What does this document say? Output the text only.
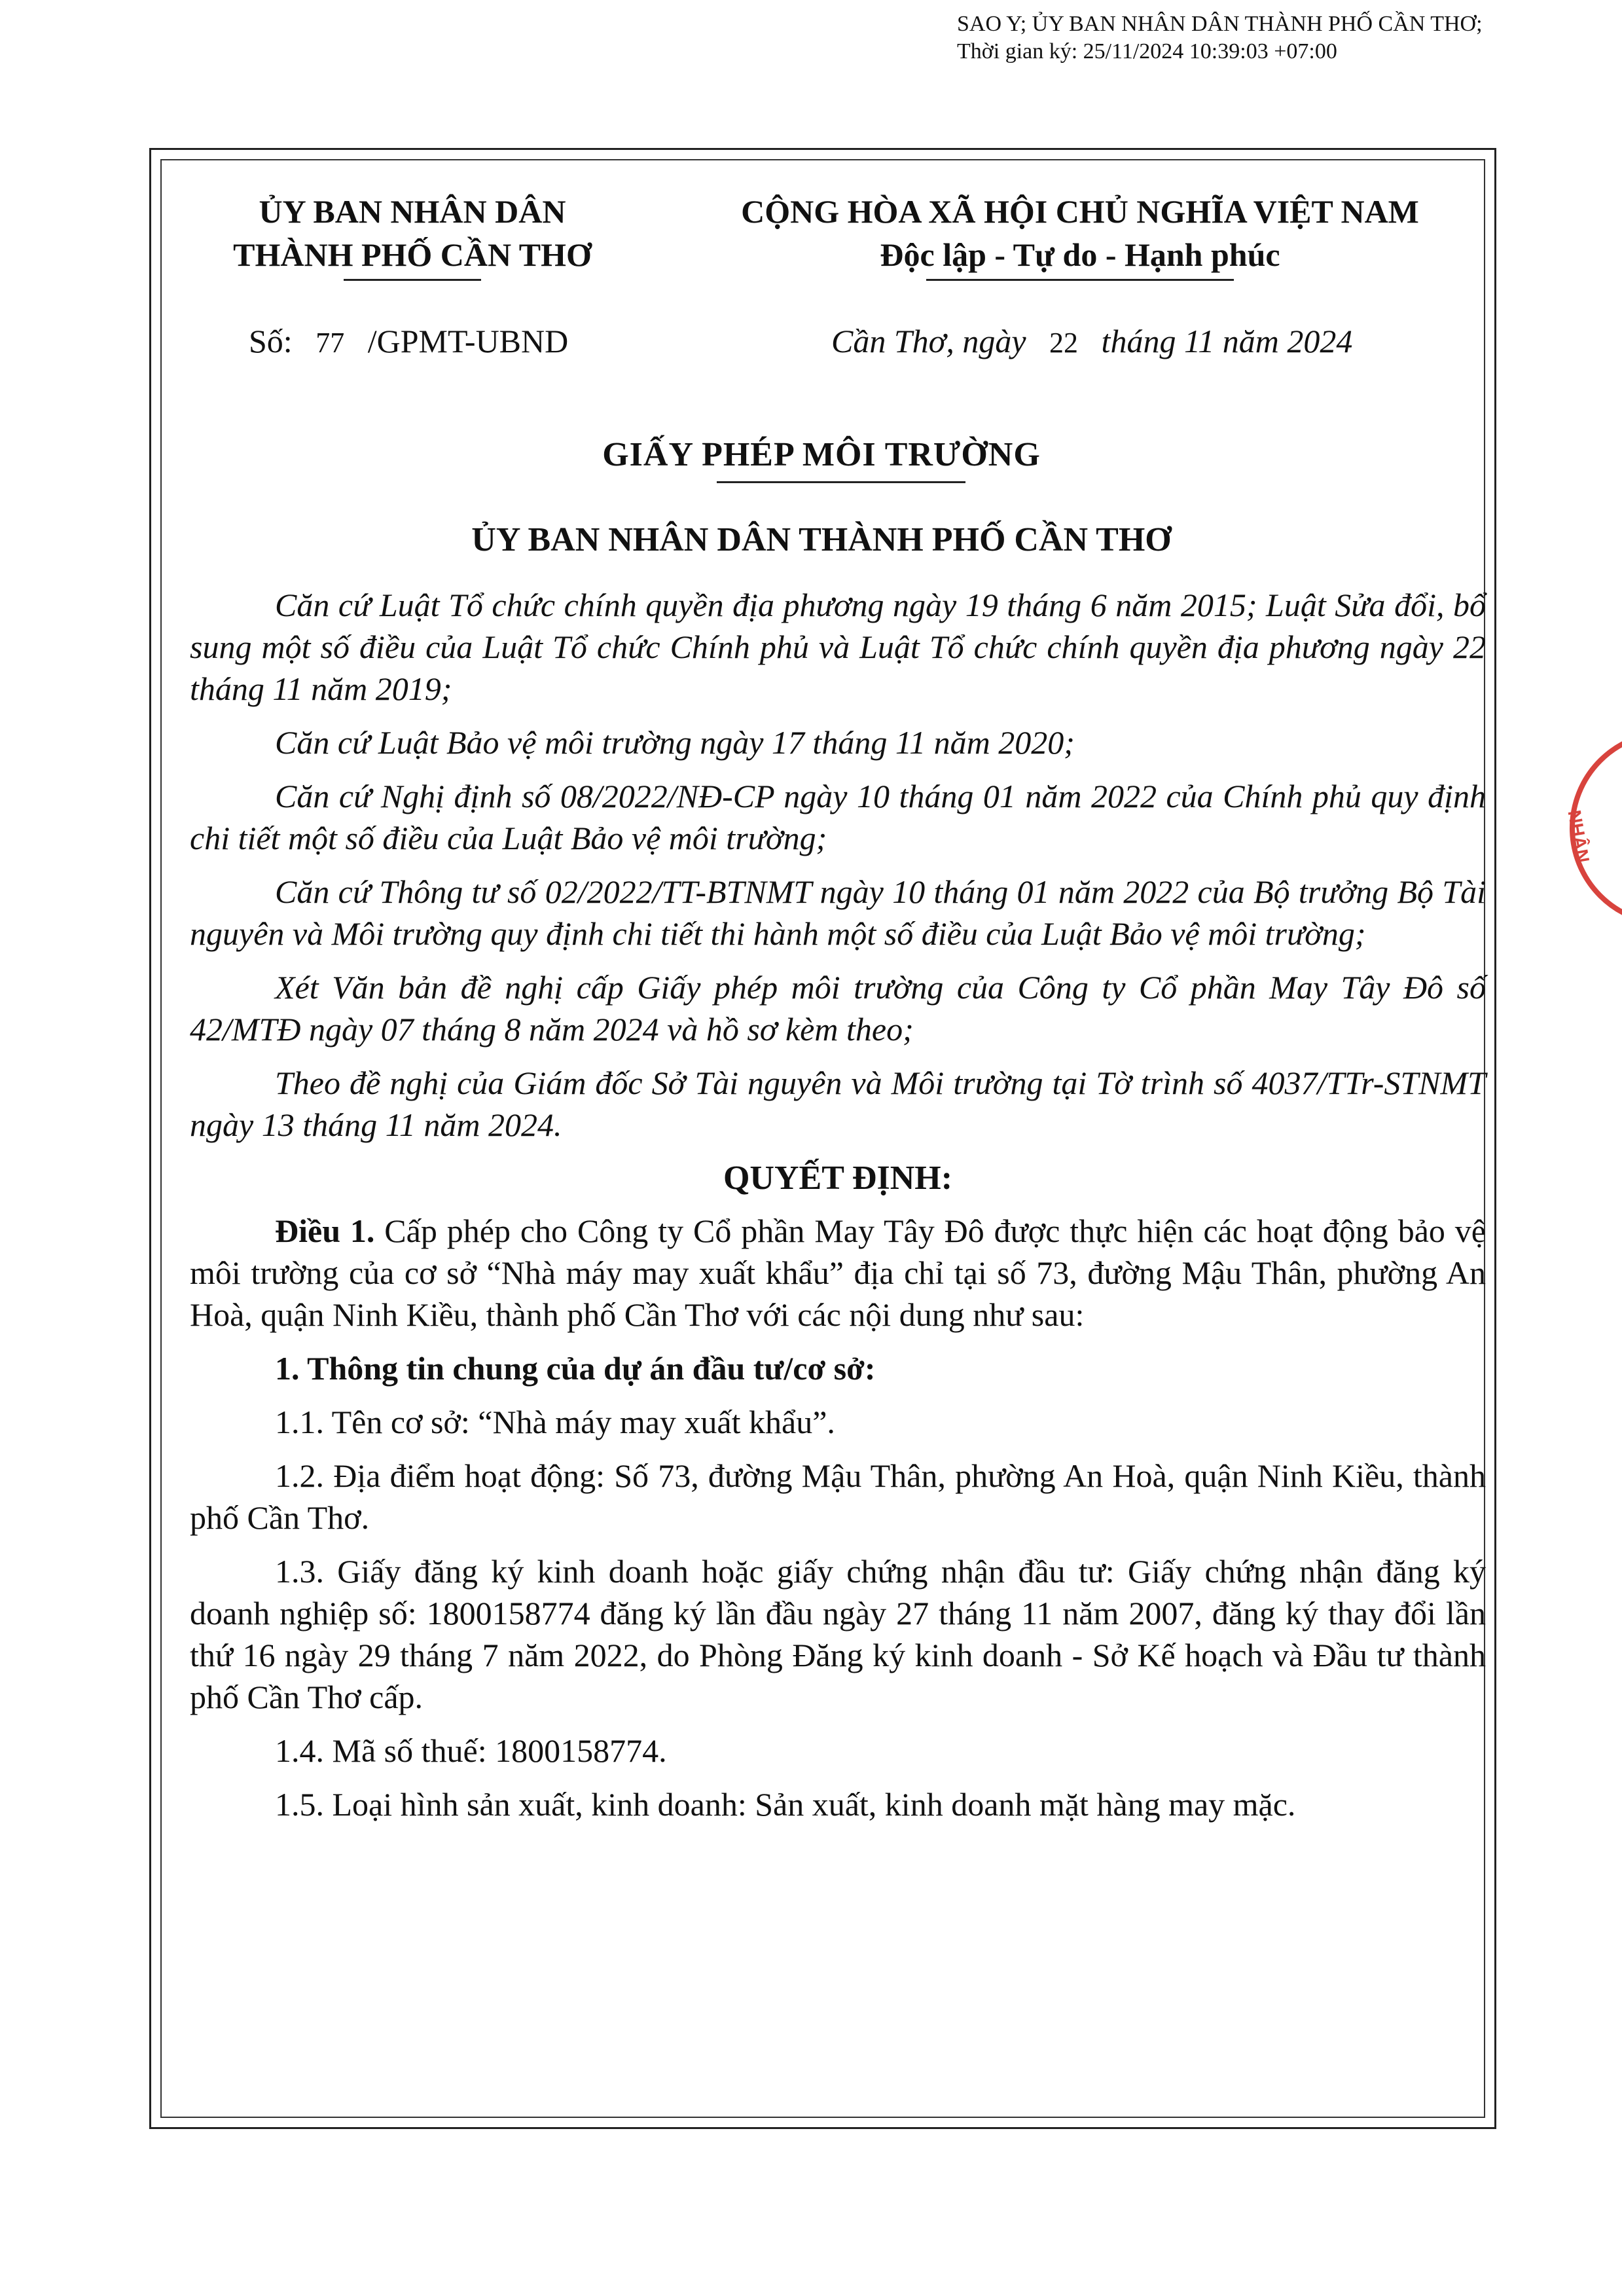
SAO Y; ỦY BAN NHÂN DÂN THÀNH PHỐ CẦN THƠ;
Thời gian ký: 25/11/2024 10:39:03 +07:00
NHÂN
ỦY BAN NHÂN DÂN
THÀNH PHỐ CẦN THƠ
CỘNG HÒA XÃ HỘI CHỦ NGHĨA VIỆT NAM
Độc lập - Tự do - Hạnh phúc
Số: 77 /GPMT-UBND	Cần Thơ, ngày 22 tháng 11 năm 2024
GIẤY PHÉP MÔI TRƯỜNG
ỦY BAN NHÂN DÂN THÀNH PHỐ CẦN THƠ

Căn cứ Luật Tổ chức chính quyền địa phương ngày 19 tháng 6 năm 2015; Luật Sửa đổi, bổ sung một số điều của Luật Tổ chức Chính phủ và Luật Tổ chức chính quyền địa phương ngày 22 tháng 11 năm 2019;

Căn cứ Luật Bảo vệ môi trường ngày 17 tháng 11 năm 2020;

Căn cứ Nghị định số 08/2022/NĐ-CP ngày 10 tháng 01 năm 2022 của Chính phủ quy định chi tiết một số điều của Luật Bảo vệ môi trường;

Căn cứ Thông tư số 02/2022/TT-BTNMT ngày 10 tháng 01 năm 2022 của Bộ trưởng Bộ Tài nguyên và Môi trường quy định chi tiết thi hành một số điều của Luật Bảo vệ môi trường;

Xét Văn bản đề nghị cấp Giấy phép môi trường của Công ty Cổ phần May Tây Đô số 42/MTĐ ngày 07 tháng 8 năm 2024 và hồ sơ kèm theo;

Theo đề nghị của Giám đốc Sở Tài nguyên và Môi trường tại Tờ trình số 4037/TTr-STNMT ngày 13 tháng 11 năm 2024.

QUYẾT ĐỊNH:

Điều 1. Cấp phép cho Công ty Cổ phần May Tây Đô được thực hiện các hoạt động bảo vệ môi trường của cơ sở “Nhà máy may xuất khẩu” địa chỉ tại số 73, đường Mậu Thân, phường An Hoà, quận Ninh Kiều, thành phố Cần Thơ với các nội dung như sau:

1. Thông tin chung của dự án đầu tư/cơ sở:

1.1. Tên cơ sở: “Nhà máy may xuất khẩu”.

1.2. Địa điểm hoạt động: Số 73, đường Mậu Thân, phường An Hoà, quận Ninh Kiều, thành phố Cần Thơ.

1.3. Giấy đăng ký kinh doanh hoặc giấy chứng nhận đầu tư: Giấy chứng nhận đăng ký doanh nghiệp số: 1800158774 đăng ký lần đầu ngày 27 tháng 11 năm 2007, đăng ký thay đổi lần thứ 16 ngày 29 tháng 7 năm 2022, do Phòng Đăng ký kinh doanh - Sở Kế hoạch và Đầu tư thành phố Cần Thơ cấp.

1.4. Mã số thuế: 1800158774.

1.5. Loại hình sản xuất, kinh doanh: Sản xuất, kinh doanh mặt hàng may mặc.
